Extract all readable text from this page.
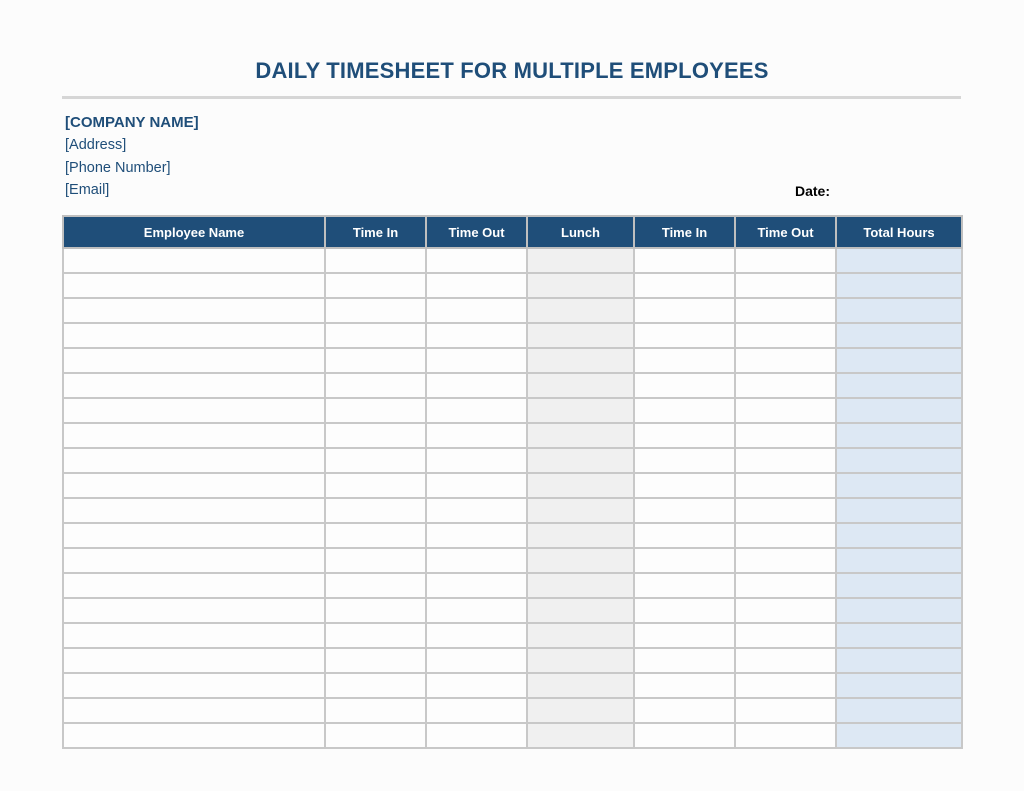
DAILY TIMESHEET FOR MULTIPLE EMPLOYEES
[COMPANY NAME]
[Address]
[Phone Number]
[Email]	Date:
Employee Name	Time In	Time Out	Lunch	Time In	Time Out	Total Hours
